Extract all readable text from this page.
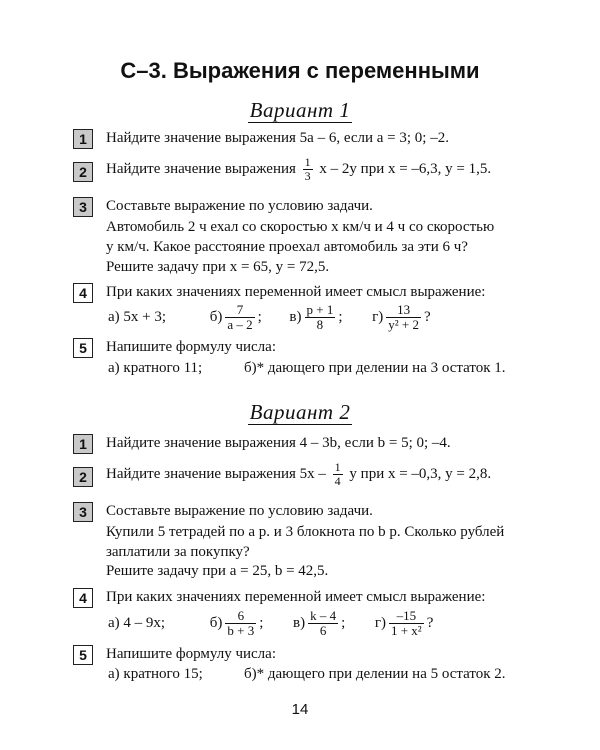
С–3. Выражения с переменными
Вариант 1
1	Найдите значение выражения 5a – 6, если a = 3; 0; –2.
2	Найдите значение выражения $\frac{1}{3}$ x – 2y при x = –6,3, y = 1,5.
3	Составьте выражение по условию задачи.
Автомобиль 2 ч ехал со скоростью x км/ч и 4 ч со скоростью
y км/ч. Какое расстояние проехал автомобиль за эти 6 ч?
Решите задачу при x = 65, y = 72,5.
4	При каких значениях переменной имеет смысл выражение:
а) 5x + 3;	$б) \frac{7}{a - 2}$ ; $в) \frac{p + 1}{8}$ ; $г) \frac{13}{\text{y² + 2}}$ ?
5	Напишите формулу числа:
а) кратного 11;	б)* дающего при делении на 3 остаток 1.
Вариант 2
1	Найдите значение выражения 4 – 3b, если b = 5; 0; –4.
2	Найдите значение выражения $5x - \frac{1}{4}$ y при x = –0,3, y = 2,8.
3	Составьте выражение по условию задачи.
Купили 5 тетрадей по a р. и 3 блокнота по b р. Сколько рублей
заплатили за покупку?
Решите задачу при a = 25, b = 42,5.
4	При каких значениях переменной имеет смысл выражение:
а) 4 – 9x;	$б) \frac{6}{b + 3}$ ; $в) \frac{k - 4}{6}$ ; $г) \frac{-15}{\text{1 + x²}}$ ?
5	Напишите формулу числа:
а) кратного 15;	б)* дающего при делении на 5 остаток 2.
14
